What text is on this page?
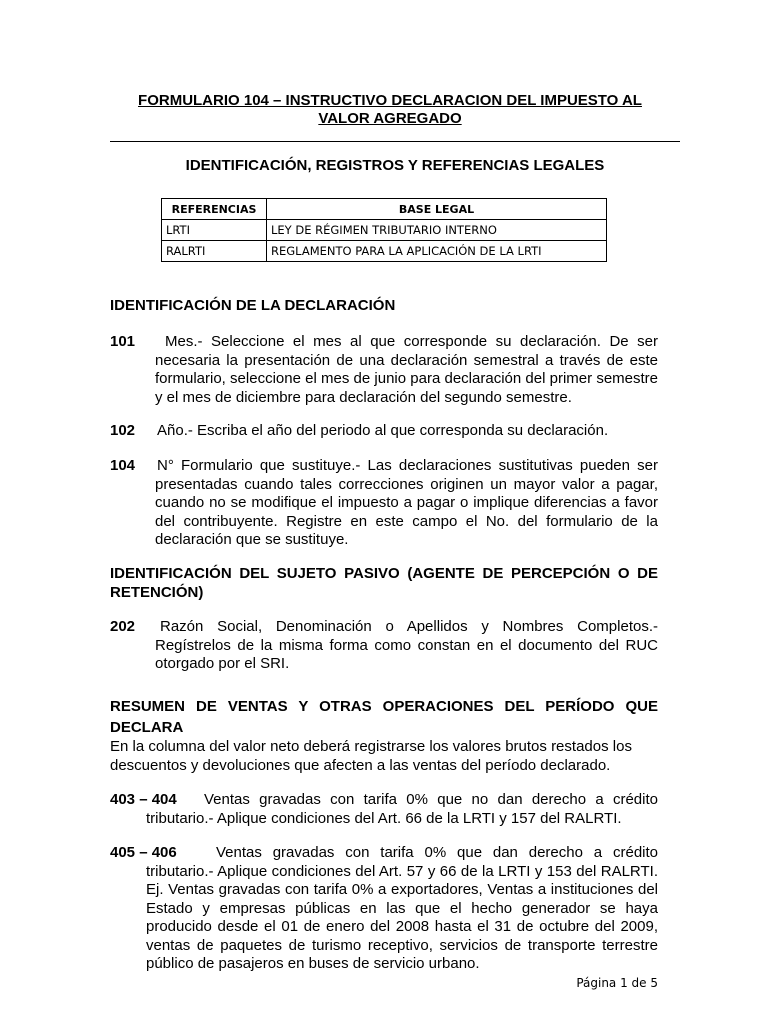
FORMULARIO 104 – INSTRUCTIVO DECLARACION DEL IMPUESTO AL
VALOR AGREGADO
IDENTIFICACIÓN, REGISTROS Y REFERENCIAS LEGALES
REFERENCIAS	BASE LEGAL
LRTI	LEY DE RÉGIMEN TRIBUTARIO INTERNO
RALRTI	REGLAMENTO PARA LA APLICACIÓN DE LA LRTI
IDENTIFICACIÓN DE LA DECLARACIÓN
101	Mes.- Seleccione el mes al que corresponde su declaración. De ser necesaria la presentación de una declaración semestral a través de este formulario, seleccione el mes de junio para declaración del primer semestre y el mes de diciembre para declaración del segundo semestre.
102 Año.- Escriba el año del periodo al que corresponda su declaración.
104 N° Formulario que sustituye.- Las declaraciones sustitutivas pueden ser presentadas cuando tales correcciones originen un mayor valor a pagar, cuando no se modifique el impuesto a pagar o implique diferencias a favor del contribuyente. Registre en este campo el No. del formulario de la declaración que se sustituye.
IDENTIFICACIÓN DEL SUJETO PASIVO (AGENTE DE PERCEPCIÓN O DE RETENCIÓN)
202	Razón Social, Denominación o Apellidos y Nombres Completos.- Regístrelos de la misma forma como constan en el documento del RUC otorgado por el SRI.
RESUMEN DE VENTAS Y OTRAS OPERACIONES DEL PERÍODO QUE DECLARA
En la columna del valor neto deberá registrarse los valores brutos restados los descuentos y devoluciones que afecten a las ventas del período declarado.
403 – 404	Ventas gravadas con tarifa 0% que no dan derecho a crédito tributario.- Aplique condiciones del Art. 66 de la LRTI y 157 del RALRTI.
405 – 406	Ventas gravadas con tarifa 0% que dan derecho a crédito tributario.- Aplique condiciones del Art. 57 y 66 de la LRTI y 153 del RALRTI. Ej. Ventas gravadas con tarifa 0% a exportadores, Ventas a instituciones del Estado y empresas públicas en las que el hecho generador se haya producido desde el 01 de enero del 2008 hasta el 31 de octubre del 2009, ventas de paquetes de turismo receptivo, servicios de transporte terrestre público de pasajeros en buses de servicio urbano.
Página 1 de 5
